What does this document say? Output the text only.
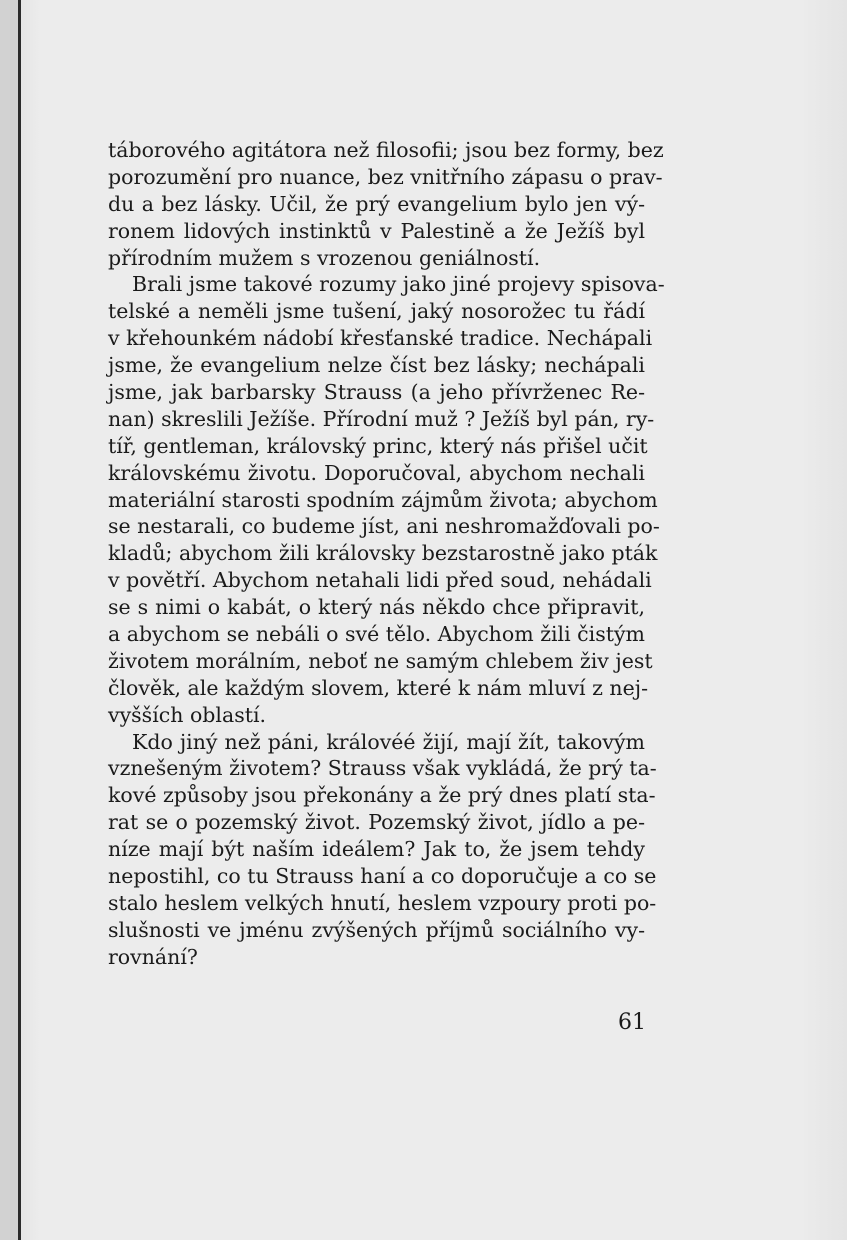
táborového agitátora než filosofii; jsou bez formy, bez
porozumění pro nuance, bez vnitřního zápasu o prav-
du a bez lásky. Učil, že prý evangelium bylo jen vý-
ronem lidových instinktů v Palestině a že Ježíš byl
přírodním mužem s vrozenou geniálností.
Brali jsme takové rozumy jako jiné projevy spisova-
telské a neměli jsme tušení, jaký nosorožec tu řádí
v křehounkém nádobí křesťanské tradice. Nechápali
jsme, že evangelium nelze číst bez lásky; nechápali
jsme, jak barbarsky Strauss (a jeho přívrženec Re-
nan) skreslili Ježíše. Přírodní muž ? Ježíš byl pán, ry-
tíř, gentleman, královský princ, který nás přišel učit
královskému životu. Doporučoval, abychom nechali
materiální starosti spodním zájmům života; abychom
se nestarali, co budeme jíst, ani neshromažďovali po-
kladů; abychom žili královsky bezstarostně jako pták
v povětří. Abychom netahali lidi před soud, nehádali
se s nimi o kabát, o který nás někdo chce připravit,
a abychom se nebáli o své tělo. Abychom žili čistým
životem morálním, neboť ne samým chlebem živ jest
člověk, ale každým slovem, které k nám mluví z nej-
vyšších oblastí.
Kdo jiný než páni, královéé žijí, mají žít, takovým
vznešeným životem? Strauss však vykládá, že prý ta-
kové způsoby jsou překonány a že prý dnes platí sta-
rat se o pozemský život. Pozemský život, jídlo a pe-
níze mají být naším ideálem? Jak to, že jsem tehdy
nepostihl, co tu Strauss haní a co doporučuje a co se
stalo heslem velkých hnutí, heslem vzpoury proti po-
slušnosti ve jménu zvýšených příjmů sociálního vy-
rovnání?
61
